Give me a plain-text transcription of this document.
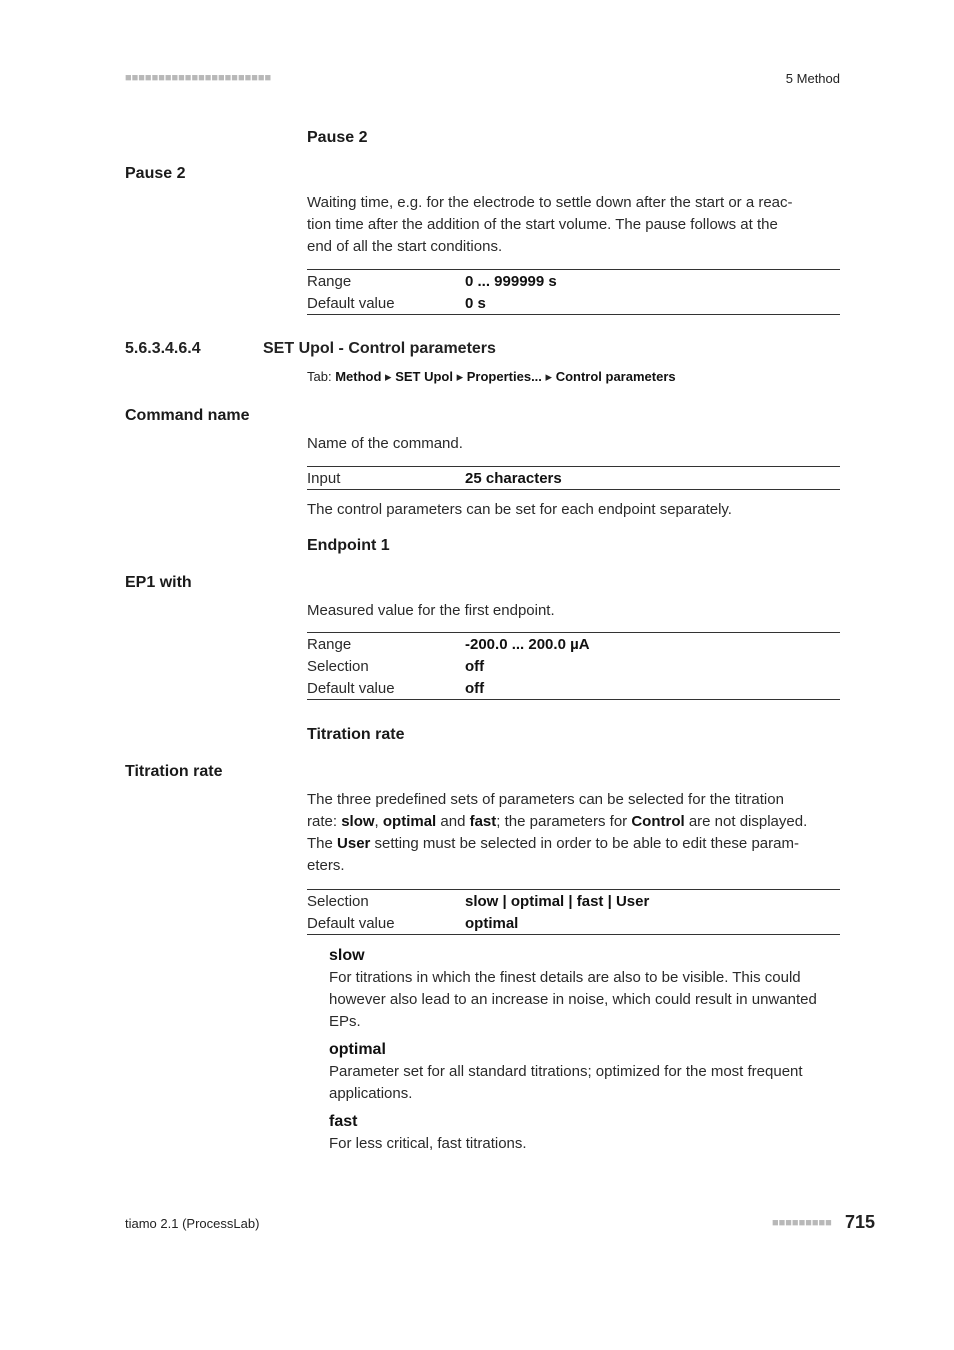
■■■■■■■■■■■■■■■■■■■■■■	5 Method
Pause 2
Pause 2
Waiting time, e.g. for the electrode to settle down after the start or a reac-
tion time after the addition of the start volume. The pause follows at the
end of all the start conditions.
Range	0 ... 999999 s
Default value	0 s
5.6.3.4.6.4	SET Upol - Control parameters
Tab: Method ▸ SET Upol ▸ Properties... ▸ Control parameters
Command name
Name of the command.
Input	25 characters
The control parameters can be set for each endpoint separately.
Endpoint 1
EP1 with
Measured value for the first endpoint.
Range	-200.0 ... 200.0 µA
Selection	off
Default value	off
Titration rate
Titration rate
The three predefined sets of parameters can be selected for the titration
rate: slow, optimal and fast; the parameters for Control are not displayed.
The User setting must be selected in order to be able to edit these param-
eters.
Selection	slow | optimal | fast | User
Default value	optimal
slow
For titrations in which the finest details are also to be visible. This could
however also lead to an increase in noise, which could result in unwanted
EPs.
optimal
Parameter set for all standard titrations; optimized for the most frequent
applications.
fast
For less critical, fast titrations.
tiamo 2.1 (ProcessLab)	■■■■■■■■■ 715
